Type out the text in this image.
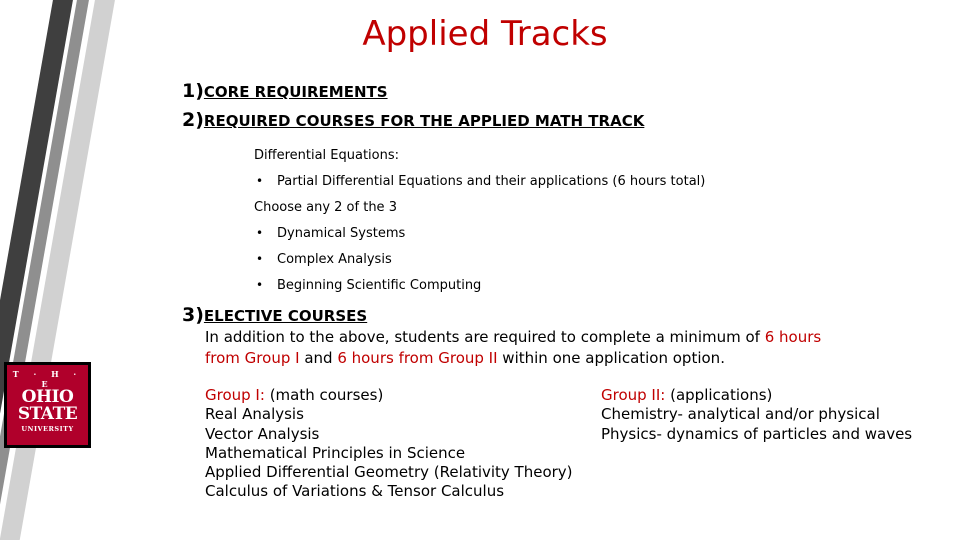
Applied Tracks
1)CORE REQUIREMENTS
2)REQUIRED COURSES FOR THE APPLIED MATH TRACK
Differential Equations:
• Partial Differential Equations and their applications (6 hours total)
Choose any 2 of the 3
• Dynamical Systems
• Complex Analysis
• Beginning Scientific Computing
3)ELECTIVE COURSES
In addition to the above, students are required to complete a minimum of 6 hours
from Group I and 6 hours from Group II within one application option.
Group I: (math courses)
Real Analysis
Vector Analysis
Mathematical Principles in Science
Applied Differential Geometry (Relativity Theory)
Calculus of Variations & Tensor Calculus
Group II: (applications)
Chemistry- analytical and/or physical
Physics- dynamics of particles and waves
T · H · E
OHIO
STATE
UNIVERSITY
